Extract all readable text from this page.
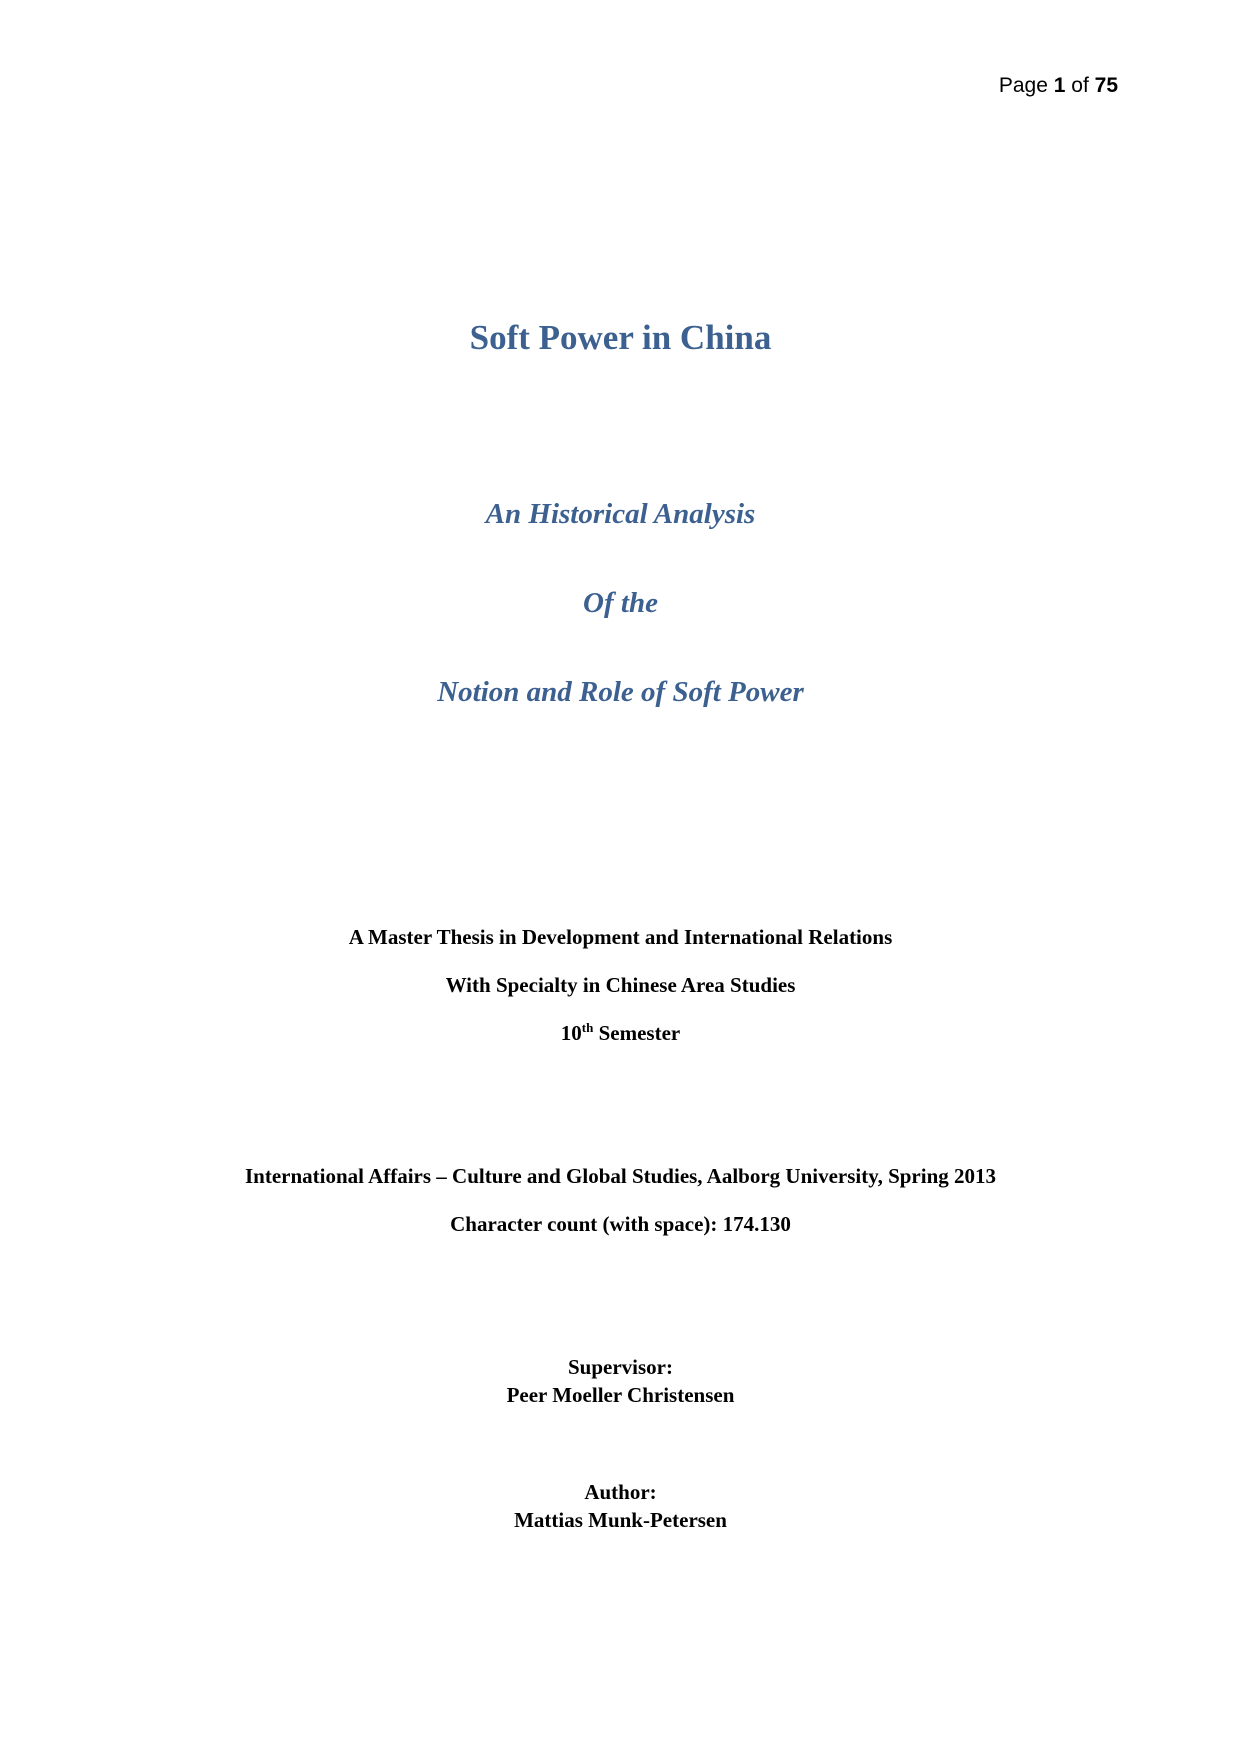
Page 1 of 75
Soft Power in China
An Historical Analysis
Of the
Notion and Role of Soft Power
A Master Thesis in Development and International Relations
With Specialty in Chinese Area Studies
10th Semester
International Affairs – Culture and Global Studies, Aalborg University, Spring 2013
Character count (with space): 174.130
Supervisor:
Peer Moeller Christensen
Author:
Mattias Munk-Petersen
